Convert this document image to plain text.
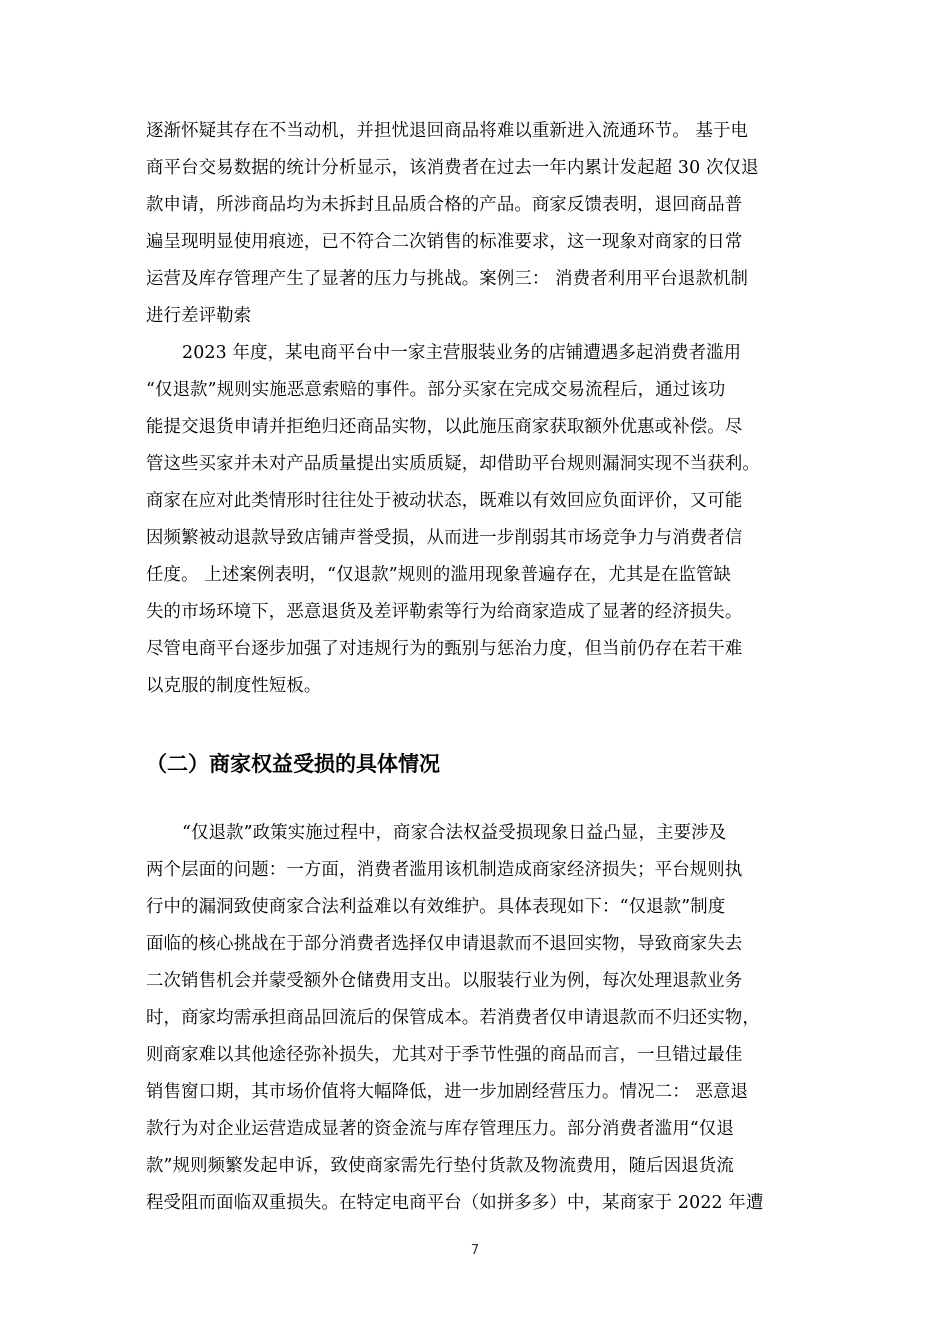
逐渐怀疑其存在不当动机，并担忧退回商品将难以重新进入流通环节。 基于电
商平台交易数据的统计分析显示，该消费者在过去一年内累计发起超 30 次仅退
款申请，所涉商品均为未拆封且品质合格的产品。商家反馈表明，退回商品普
遍呈现明显使用痕迹，已不符合二次销售的标准要求，这一现象对商家的日常
运营及库存管理产生了显著的压力与挑战。案例三： 消费者利用平台退款机制
进行差评勒索
2023 年度，某电商平台中一家主营服装业务的店铺遭遇多起消费者滥用
“仅退款”规则实施恶意索赔的事件。部分买家在完成交易流程后，通过该功
能提交退货申请并拒绝归还商品实物，以此施压商家获取额外优惠或补偿。尽
管这些买家并未对产品质量提出实质质疑，却借助平台规则漏洞实现不当获利。
商家在应对此类情形时往往处于被动状态，既难以有效回应负面评价，又可能
因频繁被动退款导致店铺声誉受损，从而进一步削弱其市场竞争力与消费者信
任度。 上述案例表明，“仅退款”规则的滥用现象普遍存在，尤其是在监管缺
失的市场环境下，恶意退货及差评勒索等行为给商家造成了显著的经济损失。
尽管电商平台逐步加强了对违规行为的甄别与惩治力度，但当前仍存在若干难
以克服的制度性短板。
（二）商家权益受损的具体情况
“仅退款”政策实施过程中，商家合法权益受损现象日益凸显，主要涉及
两个层面的问题：一方面，消费者滥用该机制造成商家经济损失；平台规则执
行中的漏洞致使商家合法利益难以有效维护。具体表现如下：“仅退款”制度
面临的核心挑战在于部分消费者选择仅申请退款而不退回实物，导致商家失去
二次销售机会并蒙受额外仓储费用支出。以服装行业为例，每次处理退款业务
时，商家均需承担商品回流后的保管成本。若消费者仅申请退款而不归还实物，
则商家难以其他途径弥补损失，尤其对于季节性强的商品而言，一旦错过最佳
销售窗口期，其市场价值将大幅降低，进一步加剧经营压力。情况二： 恶意退
款行为对企业运营造成显著的资金流与库存管理压力。部分消费者滥用“仅退
款”规则频繁发起申诉，致使商家需先行垫付货款及物流费用，随后因退货流
程受阻而面临双重损失。在特定电商平台（如拼多多）中，某商家于 2022 年遭
7
